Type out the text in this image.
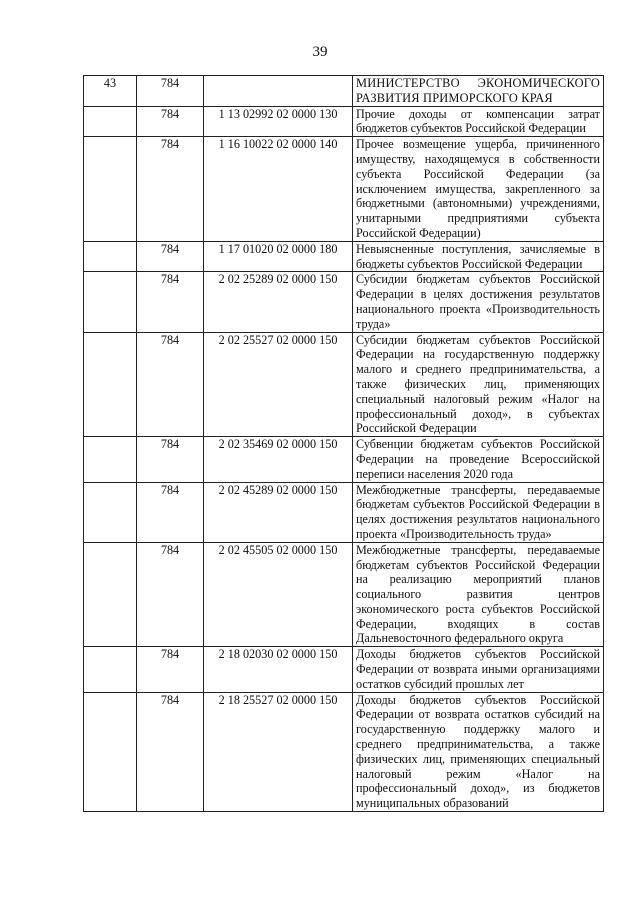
39
43	784		МИНИСТЕРСТВО ЭКОНОМИЧЕСКОГО РАЗВИТИЯ ПРИМОРСКОГО КРАЯ
	784	1 13 02992 02 0000 130	Прочие доходы от компенсации затрат бюджетов субъектов Российской Федерации
	784	1 16 10022 02 0000 140	Прочее возмещение ущерба, причиненного имуществу, находящемуся в собственности субъекта Российской Федерации (за исключением имущества, закрепленного за бюджетными (автономными) учреждениями, унитарными предприятиями субъекта Российской Федерации)
	784	1 17 01020 02 0000 180	Невыясненные поступления, зачисляемые в бюджеты субъектов Российской Федерации
	784	2 02 25289 02 0000 150	Субсидии бюджетам субъектов Российской Федерации в целях достижения результатов национального проекта «Производительность труда»
	784	2 02 25527 02 0000 150	Субсидии бюджетам субъектов Российской Федерации на государственную поддержку малого и среднего предпринимательства, а также физических лиц, применяющих специальный налоговый режим «Налог на профессиональный доход», в субъектах Российской Федерации
	784	2 02 35469 02 0000 150	Субвенции бюджетам субъектов Российской Федерации на проведение Всероссийской переписи населения 2020 года
	784	2 02 45289 02 0000 150	Межбюджетные трансферты, передаваемые бюджетам субъектов Российской Федерации в целях достижения результатов национального проекта «Производительность труда»
	784	2 02 45505 02 0000 150	Межбюджетные трансферты, передаваемые бюджетам субъектов Российской Федерации на реализацию мероприятий планов социального развития центров экономического роста субъектов Российской Федерации, входящих в состав Дальневосточного федерального округа
	784	2 18 02030 02 0000 150	Доходы бюджетов субъектов Российской Федерации от возврата иными организациями остатков субсидий прошлых лет
	784	2 18 25527 02 0000 150	Доходы бюджетов субъектов Российской Федерации от возврата остатков субсидий на государственную поддержку малого и среднего предпринимательства, а также физических лиц, применяющих специальный налоговый режим «Налог на профессиональный доход», из бюджетов муниципальных образований
